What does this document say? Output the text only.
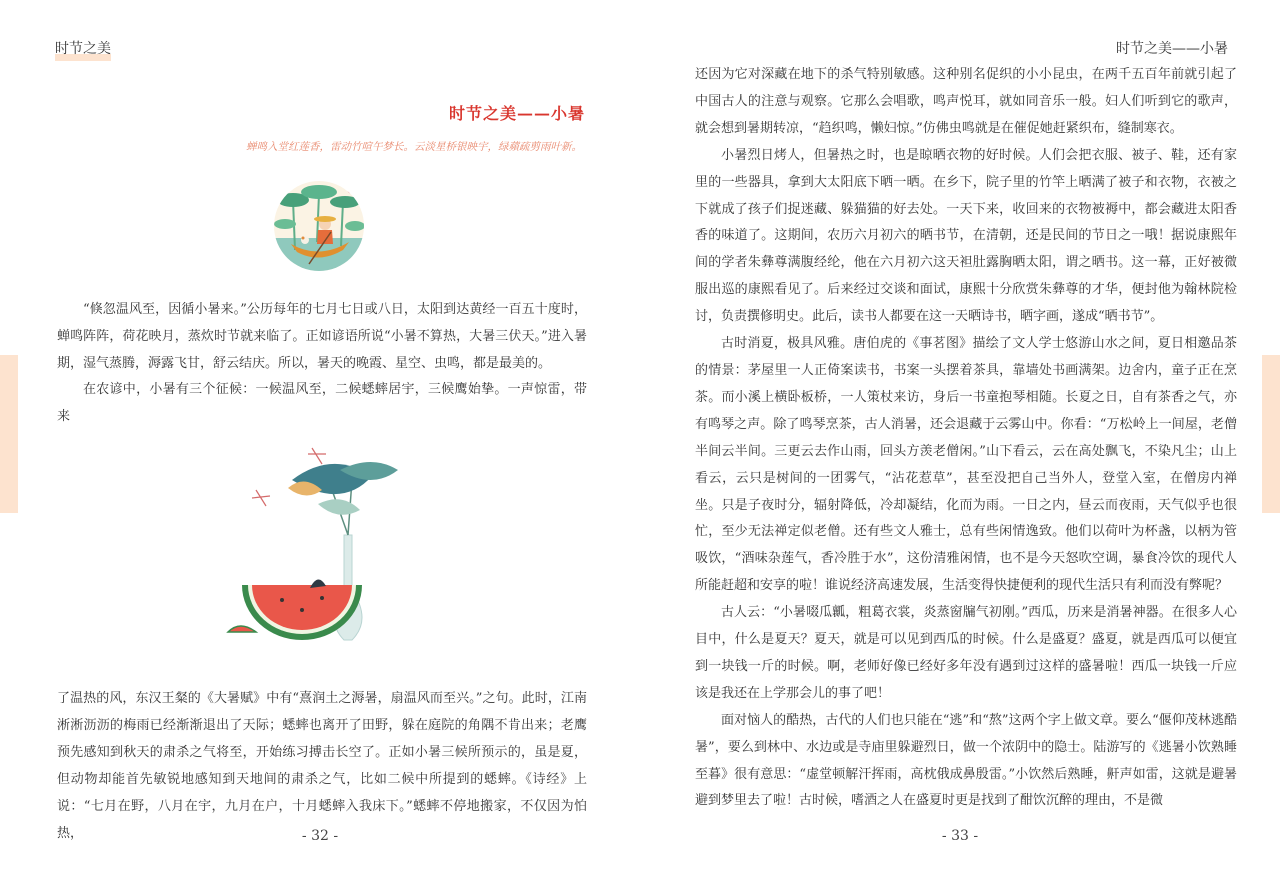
时节之美
时节之美——小暑
蝉鸣入堂红莲香，雷动竹喧午梦长。云淡星桥银映宇，绿蘋疏剪雨叶新。

“倏忽温风至，因循小暑来。”公历每年的七月七日或八日，太阳到达黄经一百五十度时，蝉鸣阵阵，荷花映月，蒸炊时节就来临了。正如谚语所说“小暑不算热，大暑三伏天。”进入暑期，湿气蒸腾，溽露飞甘，舒云结庆。所以，暑天的晚霞、星空、虫鸣，都是最美的。

在农谚中，小暑有三个征候：一候温风至，二候蟋蟀居宇，三候鹰始挚。一声惊雷，带来

了温热的风，东汉王粲的《大暑赋》中有“熹润土之溽暑，扇温风而至兴。”之句。此时，江南淅淅沥沥的梅雨已经渐渐退出了天际；蟋蟀也离开了田野，躲在庭院的角隅不肯出来；老鹰预先感知到秋天的肃杀之气将至，开始练习搏击长空了。正如小暑三候所预示的，虽是夏，但动物却能首先敏锐地感知到天地间的肃杀之气，比如二候中所提到的蟋蟀。《诗经》上说：“七月在野，八月在宇，九月在户，十月蟋蟀入我床下。”蟋蟀不停地搬家，不仅因为怕热，	- 32 -
时节之美——小暑

还因为它对深藏在地下的杀气特别敏感。这种别名促织的小小昆虫，在两千五百年前就引起了中国古人的注意与观察。它那么会唱歌，鸣声悦耳，就如同音乐一般。妇人们听到它的歌声，就会想到暑期转凉，“趋织鸣，懒妇惊。”仿佛虫鸣就是在催促她赶紧织布，缝制寒衣。

小暑烈日烤人，但暑热之时，也是晾晒衣物的好时候。人们会把衣服、被子、鞋，还有家里的一些器具，拿到大太阳底下晒一晒。在乡下，院子里的竹竿上晒满了被子和衣物，衣被之下就成了孩子们捉迷藏、躲猫猫的好去处。一天下来，收回来的衣物被褥中，都会藏进太阳香香的味道了。这期间，农历六月初六的晒书节，在清朝，还是民间的节日之一哦！据说康熙年间的学者朱彝尊满腹经纶，他在六月初六这天袒肚露胸晒太阳，谓之晒书。这一幕，正好被微服出巡的康熙看见了。后来经过交谈和面试，康熙十分欣赏朱彝尊的才华，便封他为翰林院检讨，负责撰修明史。此后，读书人都要在这一天晒诗书，晒字画，遂成“晒书节”。

古时消夏，极具风雅。唐伯虎的《事茗图》描绘了文人学士悠游山水之间，夏日相邀品茶的情景：茅屋里一人正倚案读书，书案一头摆着茶具，靠墙处书画满架。边舍内，童子正在烹茶。而小溪上横卧板桥，一人策杖来访，身后一书童抱琴相随。长夏之日，自有茶香之气，亦有鸣琴之声。除了鸣琴烹茶，古人消暑，还会退藏于云雾山中。你看：“万松岭上一间屋，老僧半间云半间。三更云去作山雨，回头方羡老僧闲。”山下看云，云在高处飘飞，不染凡尘；山上看云，云只是树间的一团雾气，“沾花惹草”，甚至没把自己当外人，登堂入室，在僧房内禅坐。只是子夜时分，辐射降低，冷却凝结，化而为雨。一日之内，昼云而夜雨，天气似乎也很忙，至少无法禅定似老僧。还有些文人雅士，总有些闲情逸致。他们以荷叶为杯盏，以柄为管吸饮，“酒味杂莲气，香冷胜于水”，这份清雅闲情，也不是今天怒吹空调，暴食冷饮的现代人所能赶超和安享的啦！谁说经济高速发展，生活变得快捷便利的现代生活只有利而没有弊呢？

古人云：“小暑啜瓜瓤，粗葛衣裳，炎蒸窗牖气初刚。”西瓜，历来是消暑神器。在很多人心目中，什么是夏天？夏天，就是可以见到西瓜的时候。什么是盛夏？盛夏，就是西瓜可以便宜到一块钱一斤的时候。啊，老师好像已经好多年没有遇到过这样的盛暑啦！西瓜一块钱一斤应该是我还在上学那会儿的事了吧！

面对恼人的酷热，古代的人们也只能在“逃”和“熬”这两个字上做文章。要么“偃仰茂林逃酷暑”，要么到林中、水边或是寺庙里躲避烈日，做一个浓阴中的隐士。陆游写的《逃暑小饮熟睡至暮》很有意思：“虚堂顿解汗挥雨，高枕俄成鼻殷雷。”小饮然后熟睡，鼾声如雷，这就是避暑避到梦里去了啦！古时候，嗜酒之人在盛夏时更是找到了酣饮沉醉的理由，不是微

- 33 -
